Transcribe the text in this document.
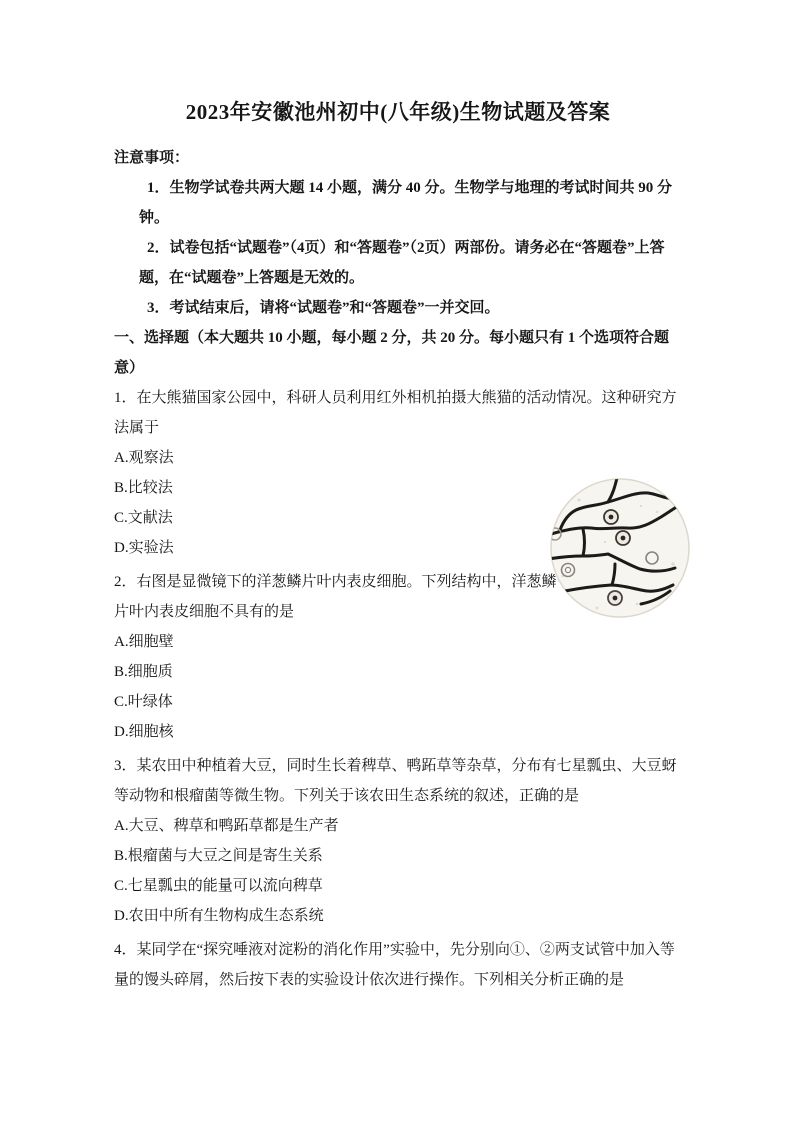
2023年安徽池州初中(八年级)生物试题及答案

注意事项：

1．生物学试卷共两大题 14 小题，满分 40 分。生物学与地理的考试时间共 90 分钟。

2．试卷包括“试题卷”（4页）和“答题卷”（2页）两部份。请务必在“答题卷”上答题，在“试题卷”上答题是无效的。

3．考试结束后，请将“试题卷”和“答题卷”一并交回。

一、选择题（本大题共 10 小题，每小题 2 分，共 20 分。每小题只有 1 个选项符合题意）

1．在大熊猫国家公园中，科研人员利用红外相机拍摄大熊猫的活动情况。这种研究方法属于

A.观察法

B.比较法

C.文献法

D.实验法

2．右图是显微镜下的洋葱鳞片叶内表皮细胞。下列结构中，洋葱鳞片叶内表皮细胞不具有的是

A.细胞壁

B.细胞质

C.叶绿体

D.细胞核

3．某农田中种植着大豆，同时生长着稗草、鸭跖草等杂草，分布有七星瓢虫、大豆蚜等动物和根瘤菌等微生物。下列关于该农田生态系统的叙述，正确的是

A.大豆、稗草和鸭跖草都是生产者

B.根瘤菌与大豆之间是寄生关系

C.七星瓢虫的能量可以流向稗草

D.农田中所有生物构成生态系统

4．某同学在“探究唾液对淀粉的消化作用”实验中，先分别向①、②两支试管中加入等量的馒头碎屑，然后按下表的实验设计依次进行操作。下列相关分析正确的是
